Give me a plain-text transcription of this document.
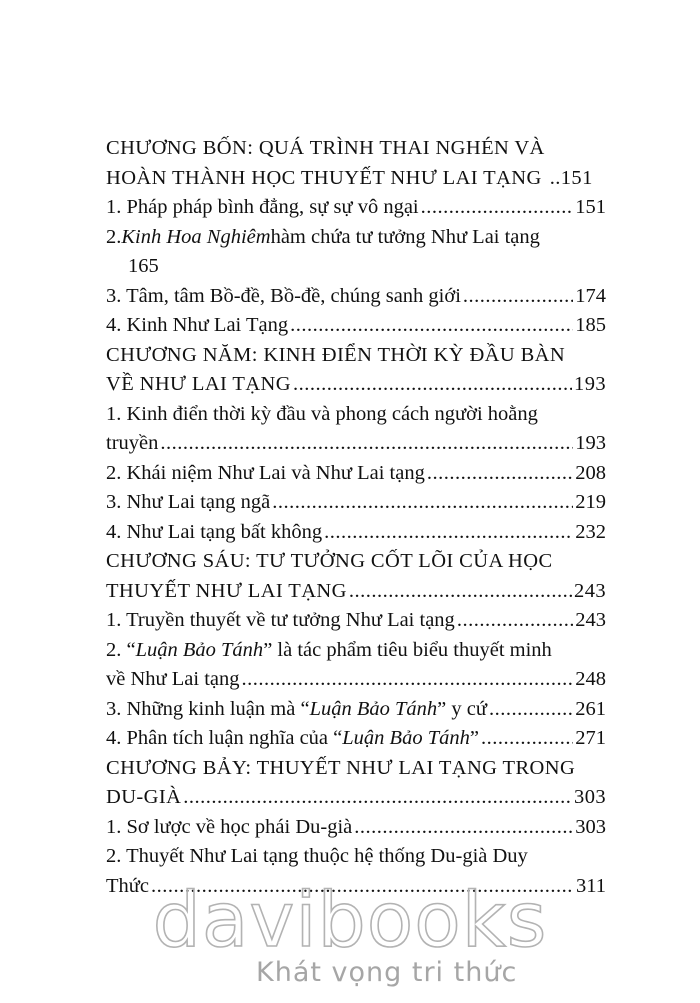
CHƯƠNG BỐN: QUÁ TRÌNH THAI NGHÉN VÀ
HOÀN THÀNH HỌC THUYẾT NHƯ LAI TẠNG .. 151
1. Pháp pháp bình đẳng, sự sự vô ngại .....	151
2. Kinh Hoa Nghiêm hàm chứa tư tưởng Như Lai tạng
165
3. Tâm, tâm Bồ-đề, Bồ-đề, chúng sanh giới .....	174
4. Kinh Như Lai Tạng .....	185
CHƯƠNG NĂM: KINH ĐIỂN THỜI KỲ ĐẦU BÀN
VỀ NHƯ LAI TẠNG .....	193
1. Kinh điển thời kỳ đầu và phong cách người hoằng
truyền .....	193
2. Khái niệm Như Lai và Như Lai tạng .....	208
3. Như Lai tạng ngã .....	219
4. Như Lai tạng bất không .....	232
CHƯƠNG SÁU: TƯ TƯỞNG CỐT LÕI CỦA HỌC
THUYẾT NHƯ LAI TẠNG .....	243
1. Truyền thuyết về tư tưởng Như Lai tạng .....	243
2. “ Luận Bảo Tánh ” là tác phẩm tiêu biểu thuyết minh
về Như Lai tạng .....	248
3. Những kinh luận mà “ Luận Bảo Tánh ” y cứ .....	261
4. Phân tích luận nghĩa của “ Luận Bảo Tánh ” .....	271
CHƯƠNG BẢY: THUYẾT NHƯ LAI TẠNG TRONG
DU-GIÀ .....	303
1. Sơ lược về học phái Du-già .....	303
2. Thuyết Như Lai tạng thuộc hệ thống Du-già Duy
Thức .....	311
davibooks
Khát vọng tri thức
